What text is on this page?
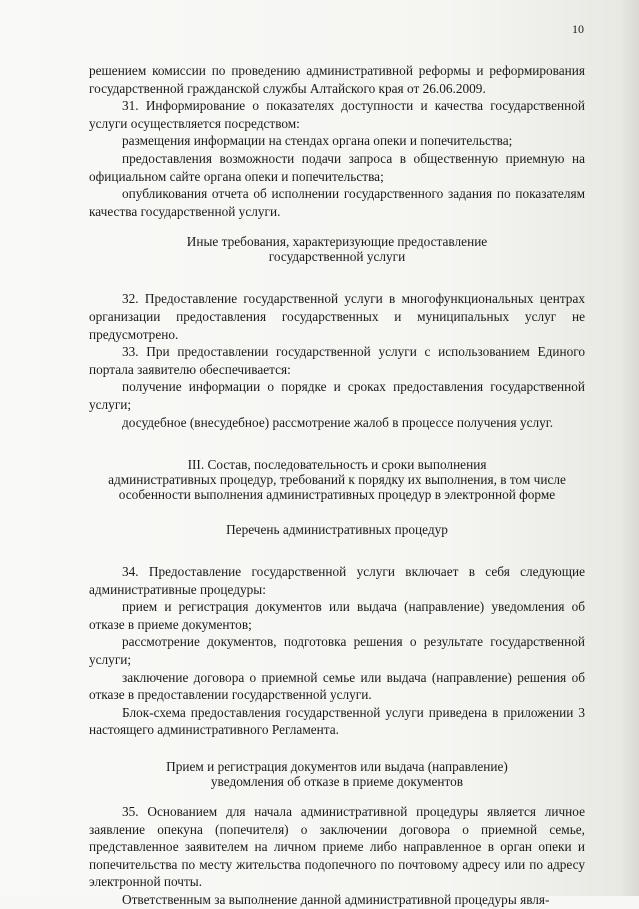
10

решением комиссии по проведению административной реформы и реформирования государственной гражданской службы Алтайского края от 26.06.2009.

31. Информирование о показателях доступности и качества государственной услуги осуществляется посредством:

размещения информации на стендах органа опеки и попечительства;

предоставления возможности подачи запроса в общественную приемную на официальном сайте органа опеки и попечительства;

опубликования отчета об исполнении государственного задания по показателям качества государственной услуги.

Иные требования, характеризующие предоставление
государственной услуги

32. Предоставление государственной услуги в многофункциональных центрах организации предоставления государственных и муниципальных услуг не предусмотрено.

33. При предоставлении государственной услуги с использованием Единого портала заявителю обеспечивается:

получение информации о порядке и сроках предоставления государственной услуги;

досудебное (внесудебное) рассмотрение жалоб в процессе получения услуг.

III. Состав, последовательность и сроки выполнения
административных процедур, требований к порядку их выполнения, в том числе
особенности выполнения административных процедур в электронной форме

Перечень административных процедур

34. Предоставление государственной услуги включает в себя следующие административные процедуры:

прием и регистрация документов или выдача (направление) уведомления об отказе в приеме документов;

рассмотрение документов, подготовка решения о результате государственной услуги;

заключение договора о приемной семье или выдача (направление) решения об отказе в предоставлении государственной услуги.

Блок-схема предоставления государственной услуги приведена в приложении 3 настоящего административного Регламента.

Прием и регистрация документов или выдача (направление)
уведомления об отказе в приеме документов

35. Основанием для начала административной процедуры является личное заявление опекуна (попечителя) о заключении договора о приемной семье, представленное заявителем на личном приеме либо направленное в орган опеки и попечительства по месту жительства подопечного по почтовому адресу или по адресу электронной почты.

Ответственным за выполнение данной административной процедуры явля-
